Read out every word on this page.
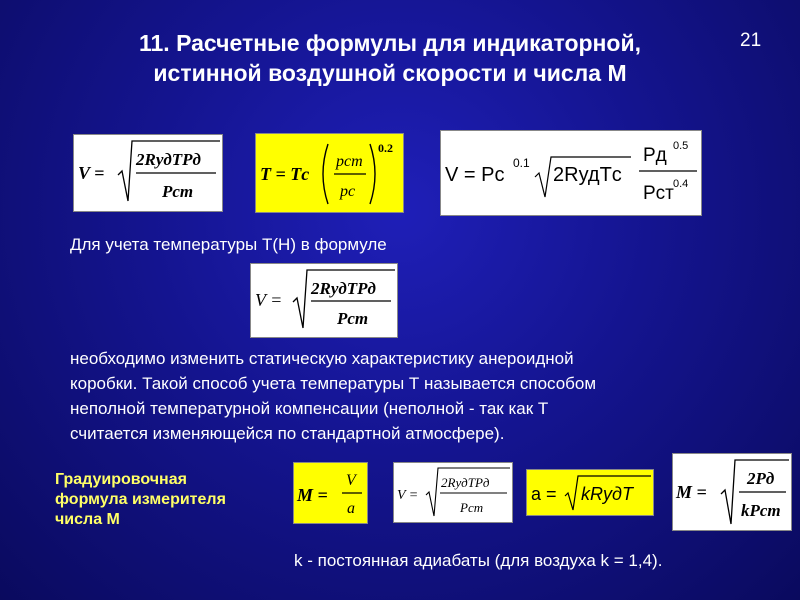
11. Расчетные формулы для индикаторной,
истинной воздушной скорости и числа М
21
V =
2RудTPд
Pст
T = Tс
pст
pс
0.2
V = Pс
0.1
2RудTс
Pд 0.5
Pст 0.4
Для учета температуры Т(Н) в формуле
V =
2RудTPд
Pст
необходимо изменить статическую характеристику анероидной
коробки. Такой способ учета температуры Т называется способом
неполной температурной компенсации (неполной - так как Т
считается изменяющейся по стандартной атмосфере).
Градуировочная
формула измерителя
числа М
M =
V
a
V =
2RудTPд
Pст
a = kRудT M =
2Pд
kPст
k - постоянная адиабаты (для воздуха k = 1,4).
